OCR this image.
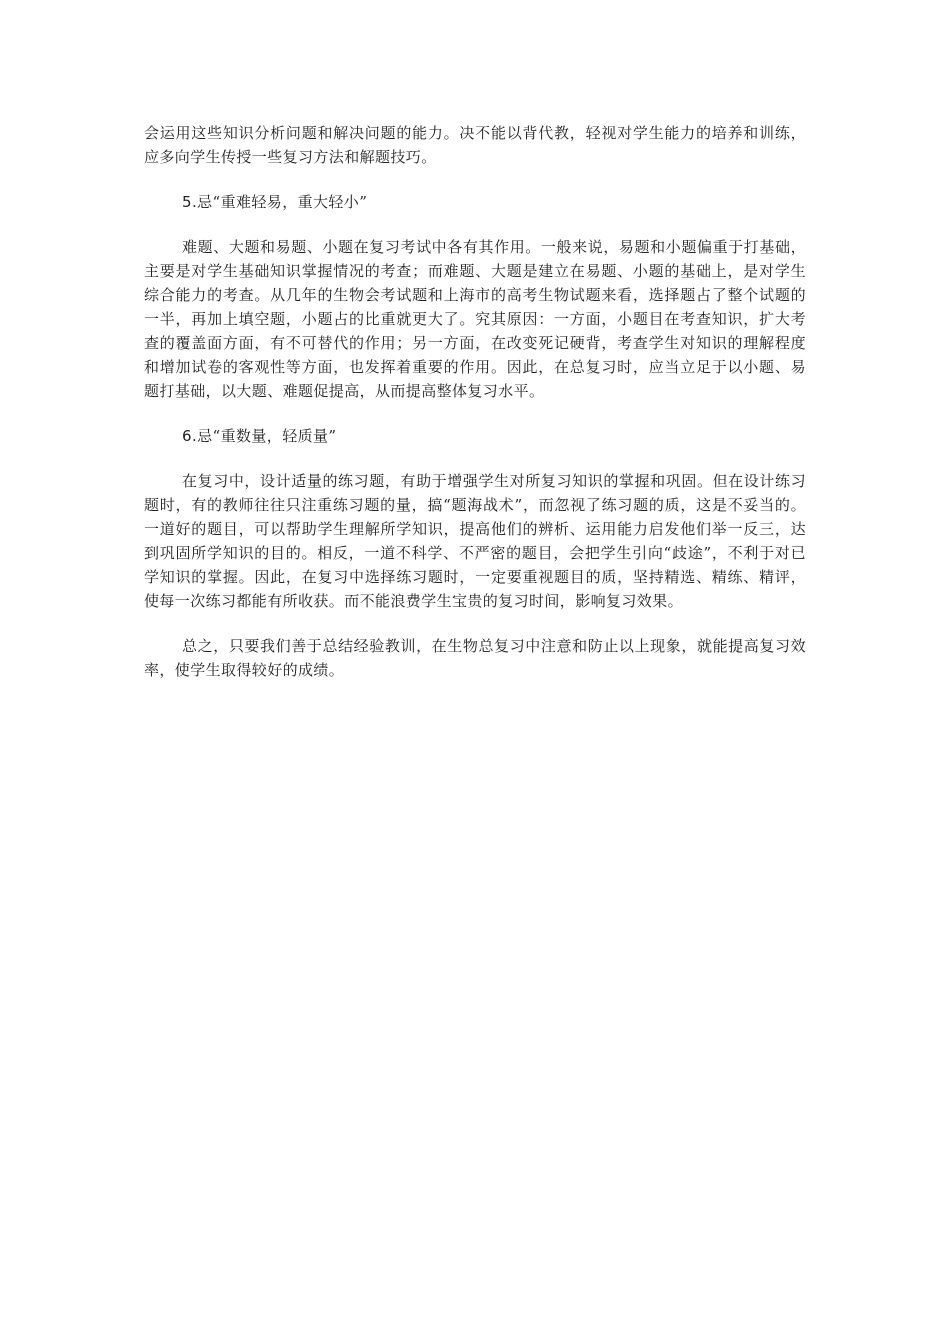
会运用这些知识分析问题和解决问题的能力。决不能以背代教，轻视对学生能力的培养和训练，应多向学生传授一些复习方法和解题技巧。

5.忌“重难轻易，重大轻小”

难题、大题和易题、小题在复习考试中各有其作用。一般来说，易题和小题偏重于打基础，主要是对学生基础知识掌握情况的考查；而难题、大题是建立在易题、小题的基础上，是对学生综合能力的考查。从几年的生物会考试题和上海市的高考生物试题来看，选择题占了整个试题的一半，再加上填空题，小题占的比重就更大了。究其原因：一方面，小题目在考查知识，扩大考查的覆盖面方面，有不可替代的作用；另一方面，在改变死记硬背，考查学生对知识的理解程度和增加试卷的客观性等方面，也发挥着重要的作用。因此，在总复习时，应当立足于以小题、易题打基础，以大题、难题促提高，从而提高整体复习水平。

6.忌“重数量，轻质量”

在复习中，设计适量的练习题，有助于增强学生对所复习知识的掌握和巩固。但在设计练习题时，有的教师往往只注重练习题的量，搞“题海战术”，而忽视了练习题的质，这是不妥当的。一道好的题目，可以帮助学生理解所学知识，提高他们的辨析、运用能力启发他们举一反三，达到巩固所学知识的目的。相反，一道不科学、不严密的题目，会把学生引向“歧途”，不利于对已学知识的掌握。因此，在复习中选择练习题时，一定要重视题目的质，坚持精选、精练、精评，使每一次练习都能有所收获。而不能浪费学生宝贵的复习时间，影响复习效果。

总之，只要我们善于总结经验教训，在生物总复习中注意和防止以上现象，就能提高复习效率，使学生取得较好的成绩。
